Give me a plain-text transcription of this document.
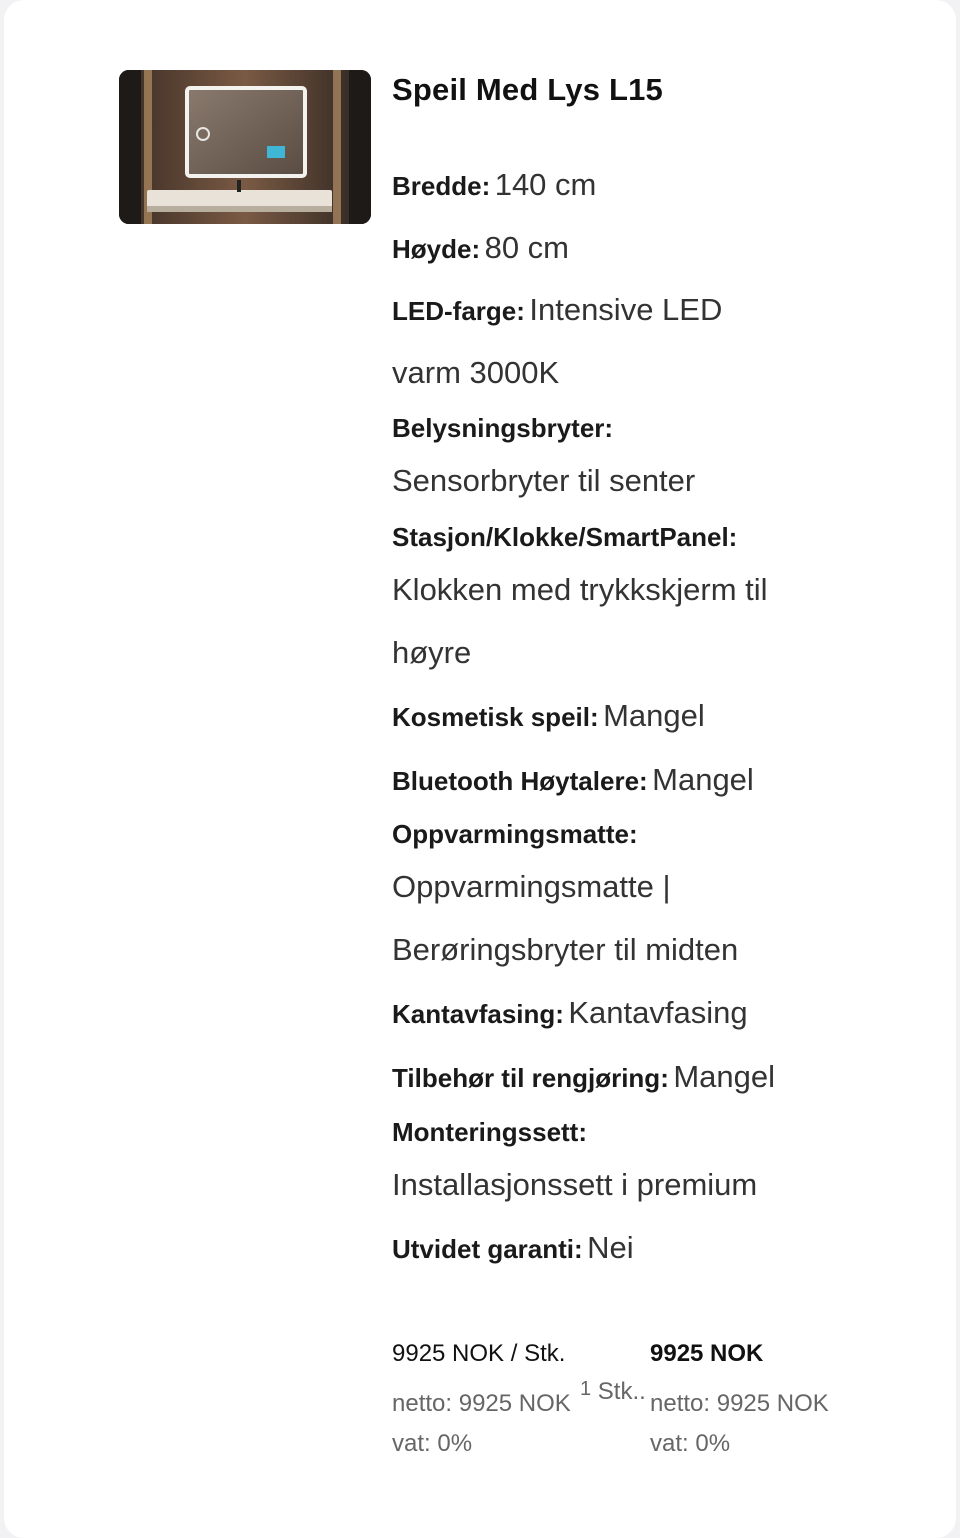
Speil Med Lys L15
Bredde: 140 cm
Høyde: 80 cm
LED-farge: Intensive LED
varm 3000K
Belysningsbryter:
Sensorbryter til senter
Stasjon/Klokke/SmartPanel:
Klokken med trykkskjerm til
høyre
Kosmetisk speil: Mangel
Bluetooth Høytalere: Mangel
Oppvarmingsmatte:
Oppvarmingsmatte |
Berøringsbryter til midten
Kantavfasing: Kantavfasing
Tilbehør til rengjøring: Mangel
Monteringssett:
Installasjonssett i premium
Utvidet garanti: Nei
9925 NOK / Stk.	9925 NOK
netto: 9925 NOK
1 Stk.. netto: 9925 NOK
vat: 0%	vat: 0%
